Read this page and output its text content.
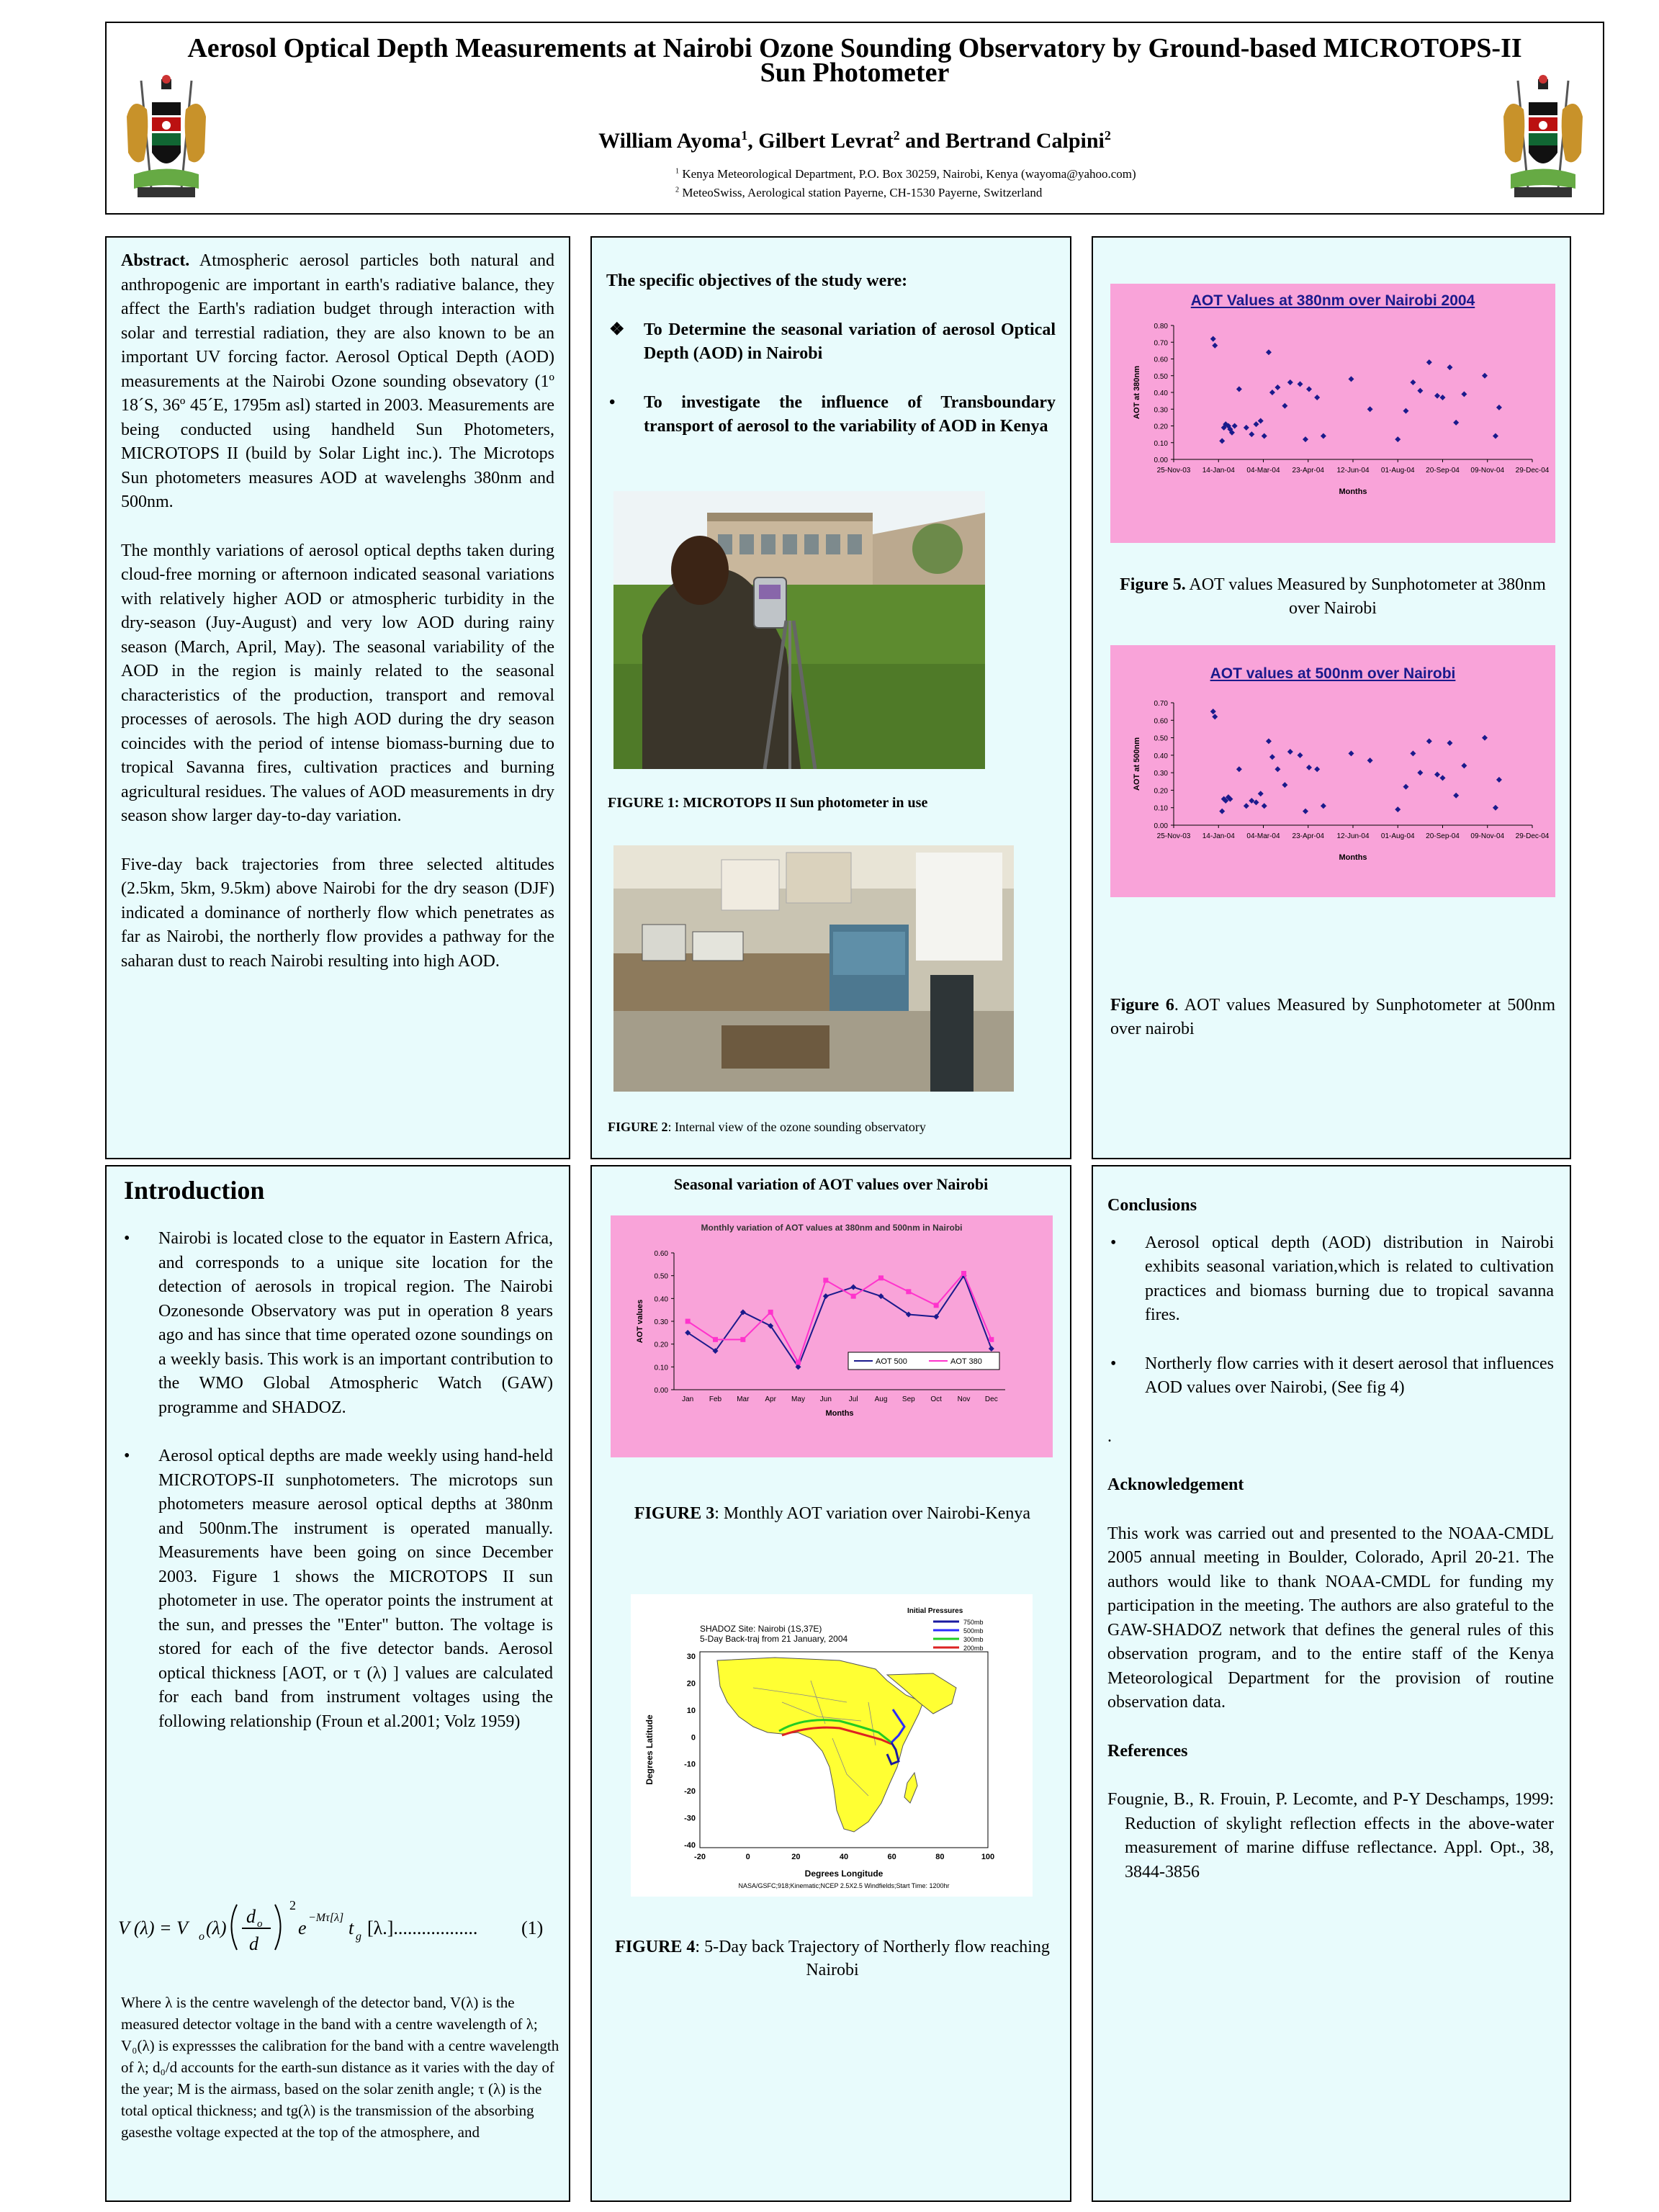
Aerosol Optical Depth Measurements at Nairobi Ozone Sounding Observatory by Ground-based MICROTOPS-II
Sun Photometer
William Ayoma$^1$, Gilbert Levrat$^2$ and Bertrand Calpini$^2$
$^1$ Kenya Meteorological Department, P.O. Box 30259, Nairobi, Kenya (wayoma@yahoo.com)
$^2$ MeteoSwiss, Aerological station Payerne, CH-1530 Payerne, Switzerland

Abstract. Atmospheric aerosol particles both natural and anthropogenic are important in earth's radiative balance, they affect the Earth's radiation budget through interaction with solar and terrestial radiation, they are also known to be an important UV forcing factor. Aerosol Optical Depth (AOD) measurements at the Nairobi Ozone sounding obsevatory (1º 18´S, 36º 45´E, 1795m asl) started in 2003. Measurements are being conducted using handheld Sun Photometers, MICROTOPS II (build by Solar Light inc.). The Microtops Sun photometers measures AOD at wavelenghs 380nm and 500nm.

The monthly variations of aerosol optical depths taken during cloud-free morning or afternoon indicated seasonal variations with relatively higher AOD or atmospheric turbidity in the dry-season (Juy-August) and very low AOD during rainy season (March, April, May). The seasonal variability of the AOD in the region is mainly related to the seasonal characteristics of the production, transport and removal processes of aerosols. The high AOD during the dry season coincides with the period of intense biomass-burning due to tropical Savanna fires, cultivation practices and burning agricultural residues. The values of AOD measurements in dry season show larger day-to-day variation.

Five-day back trajectories from three selected altitudes (2.5km, 5km, 9.5km) above Nairobi for the dry season (DJF) indicated a dominance of northerly flow which penetrates as far as Nairobi, the northerly flow provides a pathway for the saharan dust to reach Nairobi resulting into high AOD.

The specific objectives of the study were:
❖ To Determine the seasonal variation of aerosol Optical Depth (AOD) in Nairobi
• To investigate the influence of Transboundary transport of aerosol to the variability of AOD in Kenya
FIGURE 1: MICROTOPS II Sun photometer in use
FIGURE 2: Internal view of the ozone sounding observatory
AOT Values at 380nm over Nairobi 2004
0.00
0.10
0.20
0.30
0.40
0.50
0.60
0.70
0.80
25-Nov-03 14-Jan-04 04-Mar-04 23-Apr-04 12-Jun-04 01-Aug-04 20-Sep-04 09-Nov-04 29-Dec-04
AOT at 380nm
Months
Figure 5. AOT values Measured by Sunphotometer at 380nm over Nairobi
AOT values at 500nm over Nairobi
0.00
0.10
0.20
0.30
0.40
0.50
0.60
0.70
25-Nov-03 14-Jan-04 04-Mar-04 23-Apr-04 12-Jun-04 01-Aug-04 20-Sep-04 09-Nov-04 29-Dec-04
AOT at 500nm
Months
Figure 6. AOT values Measured by Sunphotometer at 500nm over nairobi
Introduction
• Nairobi is located close to the equator in Eastern Africa, and corresponds to a unique site location for the detection of aerosols in tropical region. The Nairobi Ozonesonde Observatory was put in operation 8 years ago and has since that time operated ozone soundings on a weekly basis. This work is an important contribution to the WMO Global Atmospheric Watch (GAW) programme and SHADOZ.
• Aerosol optical depths are made weekly using hand-held MICROTOPS-II sunphotometers. The microtops sun photometers measure aerosol optical depths at 380nm and 500nm.The instrument is operated manually. Measurements have been going on since December 2003. Figure 1 shows the MICROTOPS II sun photometer in use. The operator points the instrument at the sun, and presses the "Enter" button. The voltage is stored for each of the five detector bands. Aerosol optical thickness [AOT, or τ (λ) ] values are calculated for each band from instrument voltages using the following relationship (Froun et al.2001; Volz 1959)
V (λ) = V o (λ)
d o
d
2
e −Mτ[λ] t g [λ.].................. (1)
Where λ is the centre wavelengh of the detector band, V(λ) is the measured detector voltage in the band with a centre wavelength of λ; V₀(λ) is expressses the calibration for the band with a centre wavelength of λ; d₀/d accounts for the earth-sun distance as it varies with the day of the year; M is the airmass, based on the solar zenith angle; τ (λ) is the total optical thickness; and tg(λ) is the transmission of the absorbing gasesthe voltage expected at the top of the atmosphere, and
Seasonal variation of AOT values over Nairobi
Monthly variation of AOT values at 380nm and 500nm in Nairobi
0.00
0.10
0.20
0.30
0.40
0.50
0.60
Jan Feb Mar Apr May Jun Jul Aug Sep Oct Nov Dec
AOT values
Months
AOT 500	AOT 380
FIGURE 3: Monthly AOT variation over Nairobi-Kenya
SHADOZ Site: Nairobi (1S,37E)
5-Day Back-traj from 21 January, 2004
Initial Pressures
750mb
500mb
300mb
200mb
-20	0	20	40	60	80	100
30
20
10
0
-10
-20
-30
-40
Degrees Latitude
Degrees Longitude
NASA/GSFC;918;Kinematic;NCEP 2.5X2.5 Windfields;Start Time: 1200hr
FIGURE 4: 5-Day back Trajectory of Northerly flow reaching Nairobi
Conclusions
• Aerosol optical depth (AOD) distribution in Nairobi exhibits seasonal variation,which is related to cultivation practices and biomass burning due to tropical savanna fires.
• Northerly flow carries with it desert aerosol that influences AOD values over Nairobi, (See fig 4)
.
Acknowledgement
This work was carried out and presented to the NOAA-CMDL 2005 annual meeting in Boulder, Colorado, April 20-21. The authors would like to thank NOAA-CMDL for funding my participation in the meeting. The authors are also grateful to the GAW-SHADOZ network that defines the general rules of this observation program, and to the entire staff of the Kenya Meteorological Department for the provision of routine observation data.
References
Fougnie, B., R. Frouin, P. Lecomte, and P-Y Deschamps, 1999: Reduction of skylight reflection effects in the above-water measurement of marine diffuse reflectance. Appl. Opt., 38, 3844-3856
